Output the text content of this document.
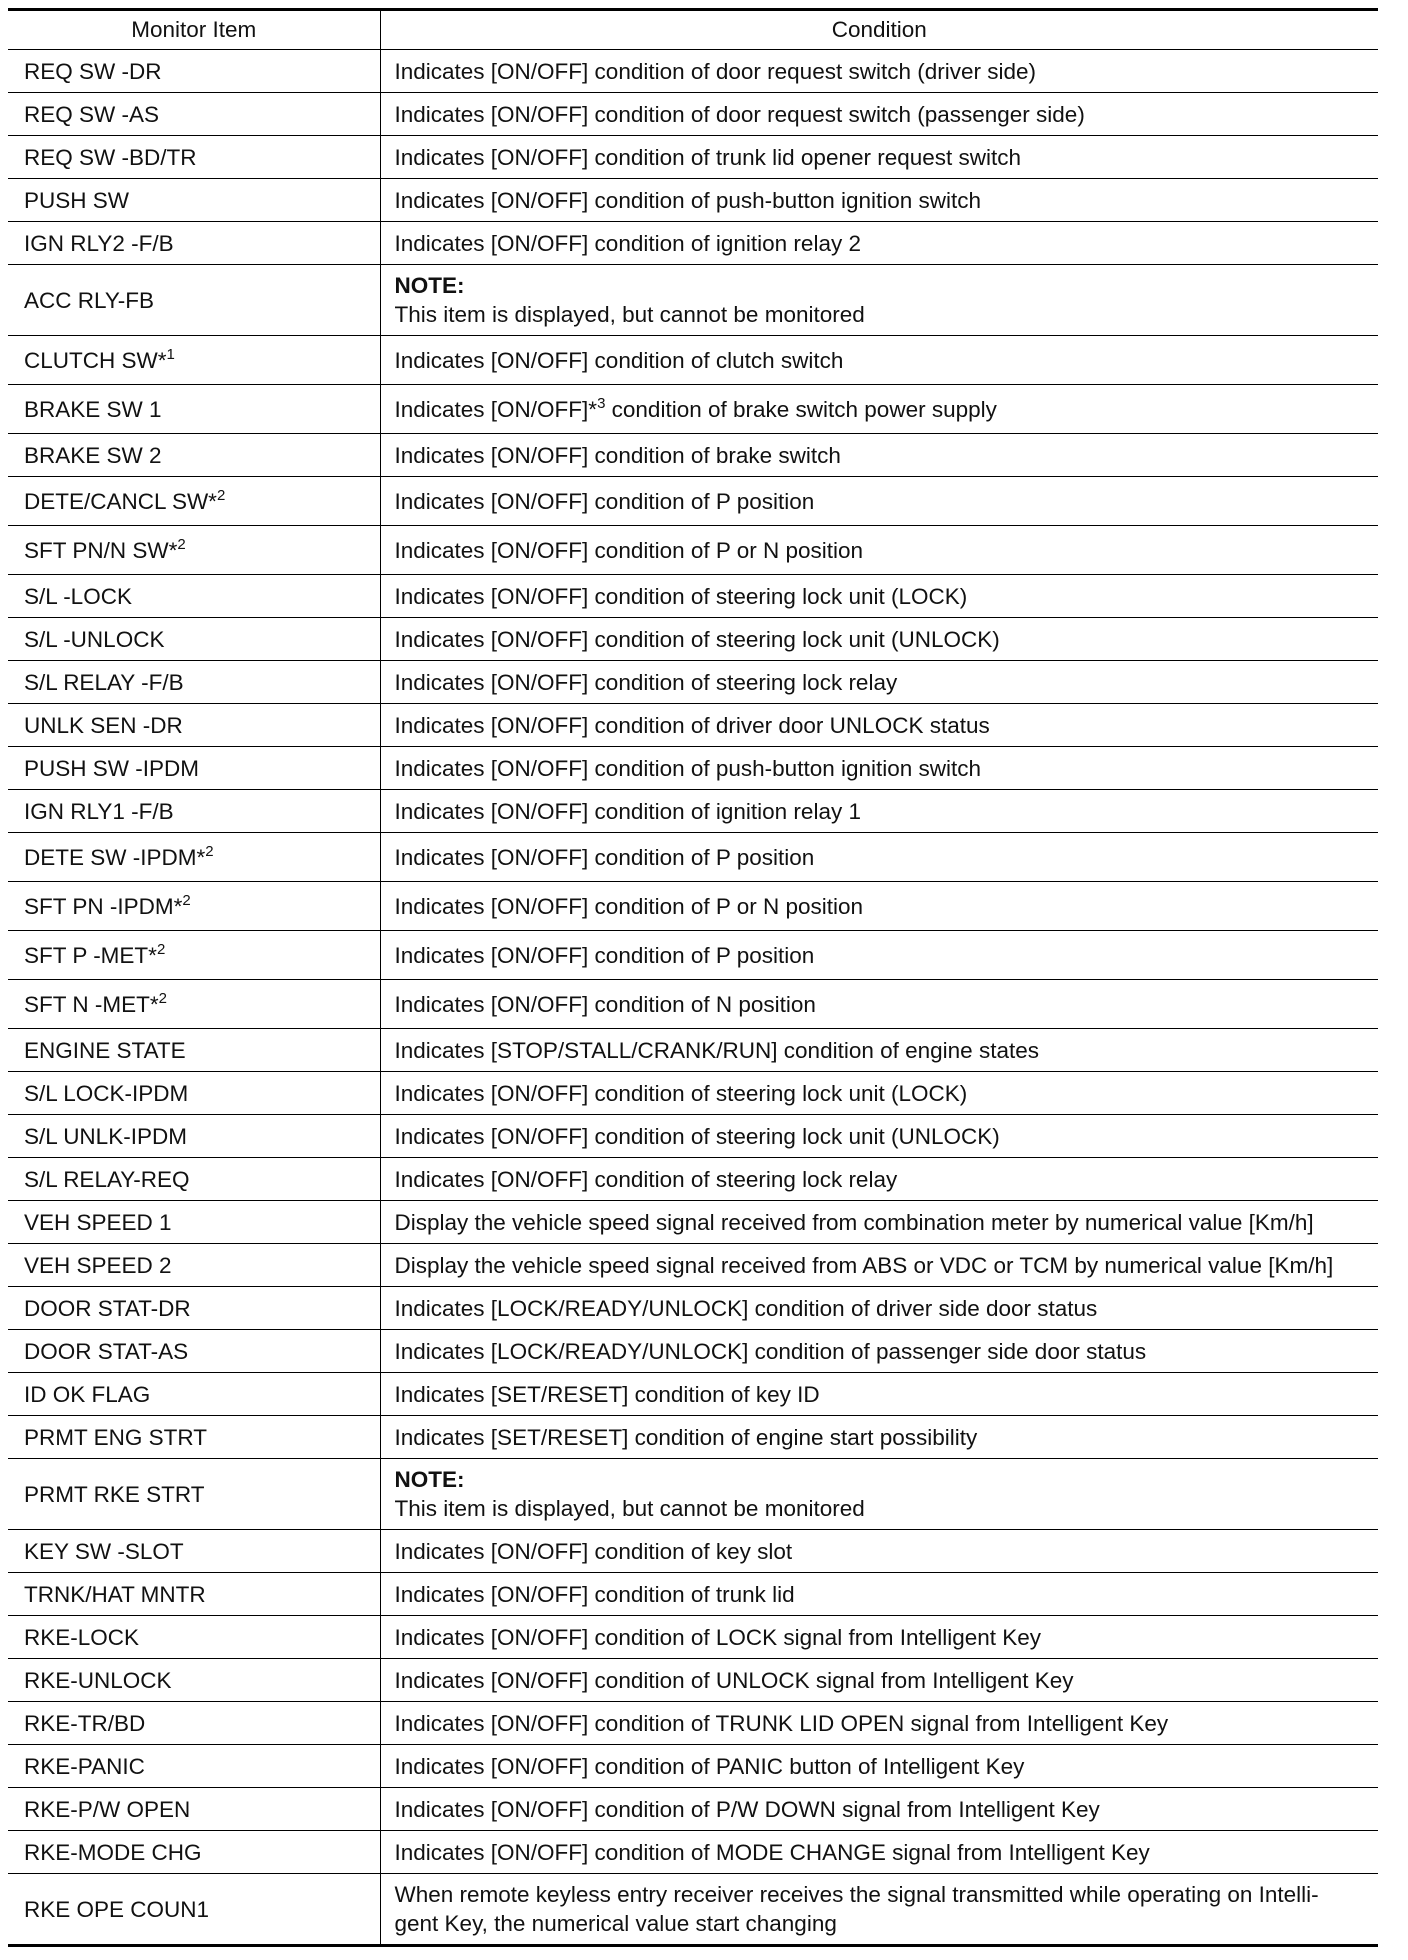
Monitor Item	Condition
REQ SW -DR	Indicates [ON/OFF] condition of door request switch (driver side)
REQ SW -AS	Indicates [ON/OFF] condition of door request switch (passenger side)
REQ SW -BD/TR	Indicates [ON/OFF] condition of trunk lid opener request switch
PUSH SW	Indicates [ON/OFF] condition of push-button ignition switch
IGN RLY2 -F/B	Indicates [ON/OFF] condition of ignition relay 2
ACC RLY-FB	NOTE:
This item is displayed, but cannot be monitored

CLUTCH SW*$^1$	Indicates [ON/OFF] condition of clutch switch
BRAKE SW 1	Indicates [ON/OFF]*$^3$ condition of brake switch power supply
BRAKE SW 2	Indicates [ON/OFF] condition of brake switch
DETE/CANCL SW*$^2$	Indicates [ON/OFF] condition of P position
SFT PN/N SW*$^2$	Indicates [ON/OFF] condition of P or N position
S/L -LOCK	Indicates [ON/OFF] condition of steering lock unit (LOCK)
S/L -UNLOCK	Indicates [ON/OFF] condition of steering lock unit (UNLOCK)
S/L RELAY -F/B	Indicates [ON/OFF] condition of steering lock relay
UNLK SEN -DR	Indicates [ON/OFF] condition of driver door UNLOCK status
PUSH SW -IPDM	Indicates [ON/OFF] condition of push-button ignition switch
IGN RLY1 -F/B	Indicates [ON/OFF] condition of ignition relay 1
DETE SW -IPDM*$^2$	Indicates [ON/OFF] condition of P position
SFT PN -IPDM*$^2$	Indicates [ON/OFF] condition of P or N position
SFT P -MET*$^2$	Indicates [ON/OFF] condition of P position
SFT N -MET*$^2$	Indicates [ON/OFF] condition of N position
ENGINE STATE	Indicates [STOP/STALL/CRANK/RUN] condition of engine states
S/L LOCK-IPDM	Indicates [ON/OFF] condition of steering lock unit (LOCK)
S/L UNLK-IPDM	Indicates [ON/OFF] condition of steering lock unit (UNLOCK)
S/L RELAY-REQ	Indicates [ON/OFF] condition of steering lock relay
VEH SPEED 1	Display the vehicle speed signal received from combination meter by numerical value [Km/h]
VEH SPEED 2	Display the vehicle speed signal received from ABS or VDC or TCM by numerical value [Km/h]
DOOR STAT-DR	Indicates [LOCK/READY/UNLOCK] condition of driver side door status
DOOR STAT-AS	Indicates [LOCK/READY/UNLOCK] condition of passenger side door status
ID OK FLAG	Indicates [SET/RESET] condition of key ID
PRMT ENG STRT	Indicates [SET/RESET] condition of engine start possibility
PRMT RKE STRT	NOTE:
This item is displayed, but cannot be monitored

KEY SW -SLOT	Indicates [ON/OFF] condition of key slot
TRNK/HAT MNTR	Indicates [ON/OFF] condition of trunk lid
RKE-LOCK	Indicates [ON/OFF] condition of LOCK signal from Intelligent Key
RKE-UNLOCK	Indicates [ON/OFF] condition of UNLOCK signal from Intelligent Key
RKE-TR/BD	Indicates [ON/OFF] condition of TRUNK LID OPEN signal from Intelligent Key
RKE-PANIC	Indicates [ON/OFF] condition of PANIC button of Intelligent Key
RKE-P/W OPEN	Indicates [ON/OFF] condition of P/W DOWN signal from Intelligent Key
RKE-MODE CHG	Indicates [ON/OFF] condition of MODE CHANGE signal from Intelligent Key
RKE OPE COUN1	When remote keyless entry receiver receives the signal transmitted while operating on Intelli-
gent Key, the numerical value start changing
